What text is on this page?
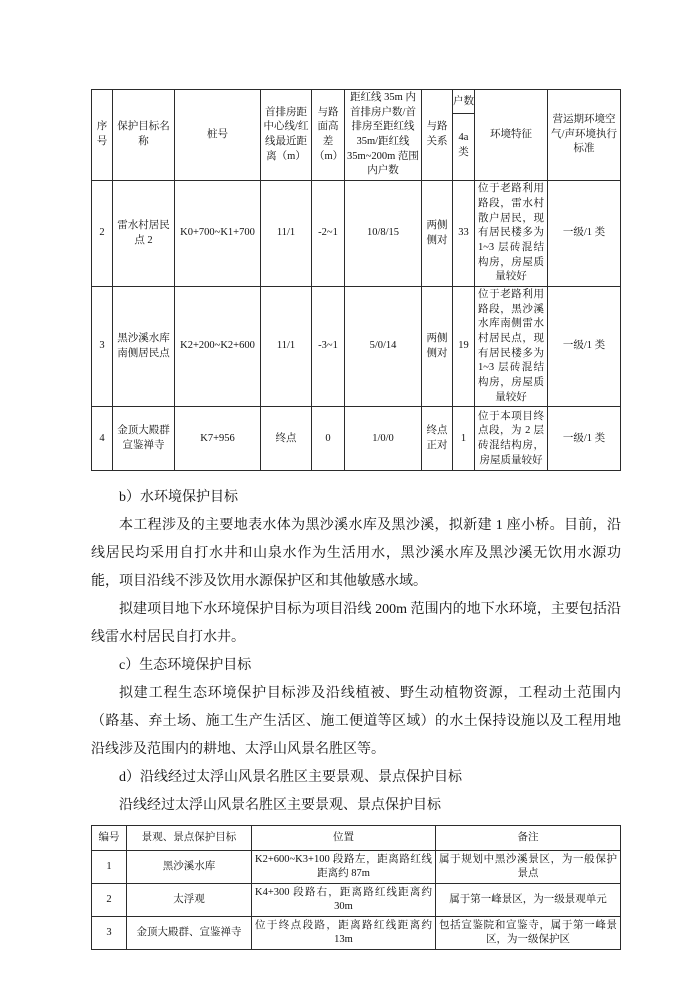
序号	保护目标名称	桩号	首排房距中心线/红线最近距离（m）	与路面高差（m）	距红线 35m 内首排房户数/首排房至距红线 35m/距红线 35m~200m 范围内户数	与路关系	户数
4a 类	环境特征	营运期环境空气/声环境执行标准
2	雷水村居民点 2	K0+700~K1+700	11/1	-2~1	10/8/15	两侧侧对	33	位于老路利用路段，雷水村散户居民，现有居民楼多为 1~3 层砖混结构房，房屋质量较好	一级/1 类
3	黑沙溪水库南侧居民点	K2+200~K2+600	11/1	-3~1	5/0/14	两侧侧对	19	位于老路利用路段，黑沙溪水库南侧雷水村居民点，现有居民楼多为 1~3 层砖混结构房，房屋质量较好	一级/1 类
4	金顶大殿群宣鉴禅寺	K7+956	终点	0	1/0/0	终点正对	1	位于本项目终点段，为 2 层砖混结构房，房屋质量较好	一级/1 类

b）水环境保护目标

本工程涉及的主要地表水体为黑沙溪水库及黑沙溪，拟新建 1 座小桥。目前，沿线居民均采用自打水井和山泉水作为生活用水，黑沙溪水库及黑沙溪无饮用水源功能，项目沿线不涉及饮用水源保护区和其他敏感水域。

拟建项目地下水环境保护目标为项目沿线 200m 范围内的地下水环境，主要包括沿线雷水村居民自打水井。

c）生态环境保护目标

拟建工程生态环境保护目标涉及沿线植被、野生动植物资源，工程动土范围内（路基、弃土场、施工生产生活区、施工便道等区域）的水土保持设施以及工程用地沿线涉及范围内的耕地、太浮山风景名胜区等。

d）沿线经过太浮山风景名胜区主要景观、景点保护目标

沿线经过太浮山风景名胜区主要景观、景点保护目标

编号	景观、景点保护目标	位置	备注
1	黑沙溪水库	K2+600~K3+100 段路左，距离路红线距离约 87m	属于规划中黑沙溪景区，为一般保护景点
2	太浮观	K4+300 段路右，距离路红线距离约 30m	属于第一峰景区，为一级景观单元
3	金顶大殿群、宣鉴禅寺	位于终点段路，距离路红线距离约 13m	包括宣鉴院和宣鉴寺，属于第一峰景区，为一级保护区
